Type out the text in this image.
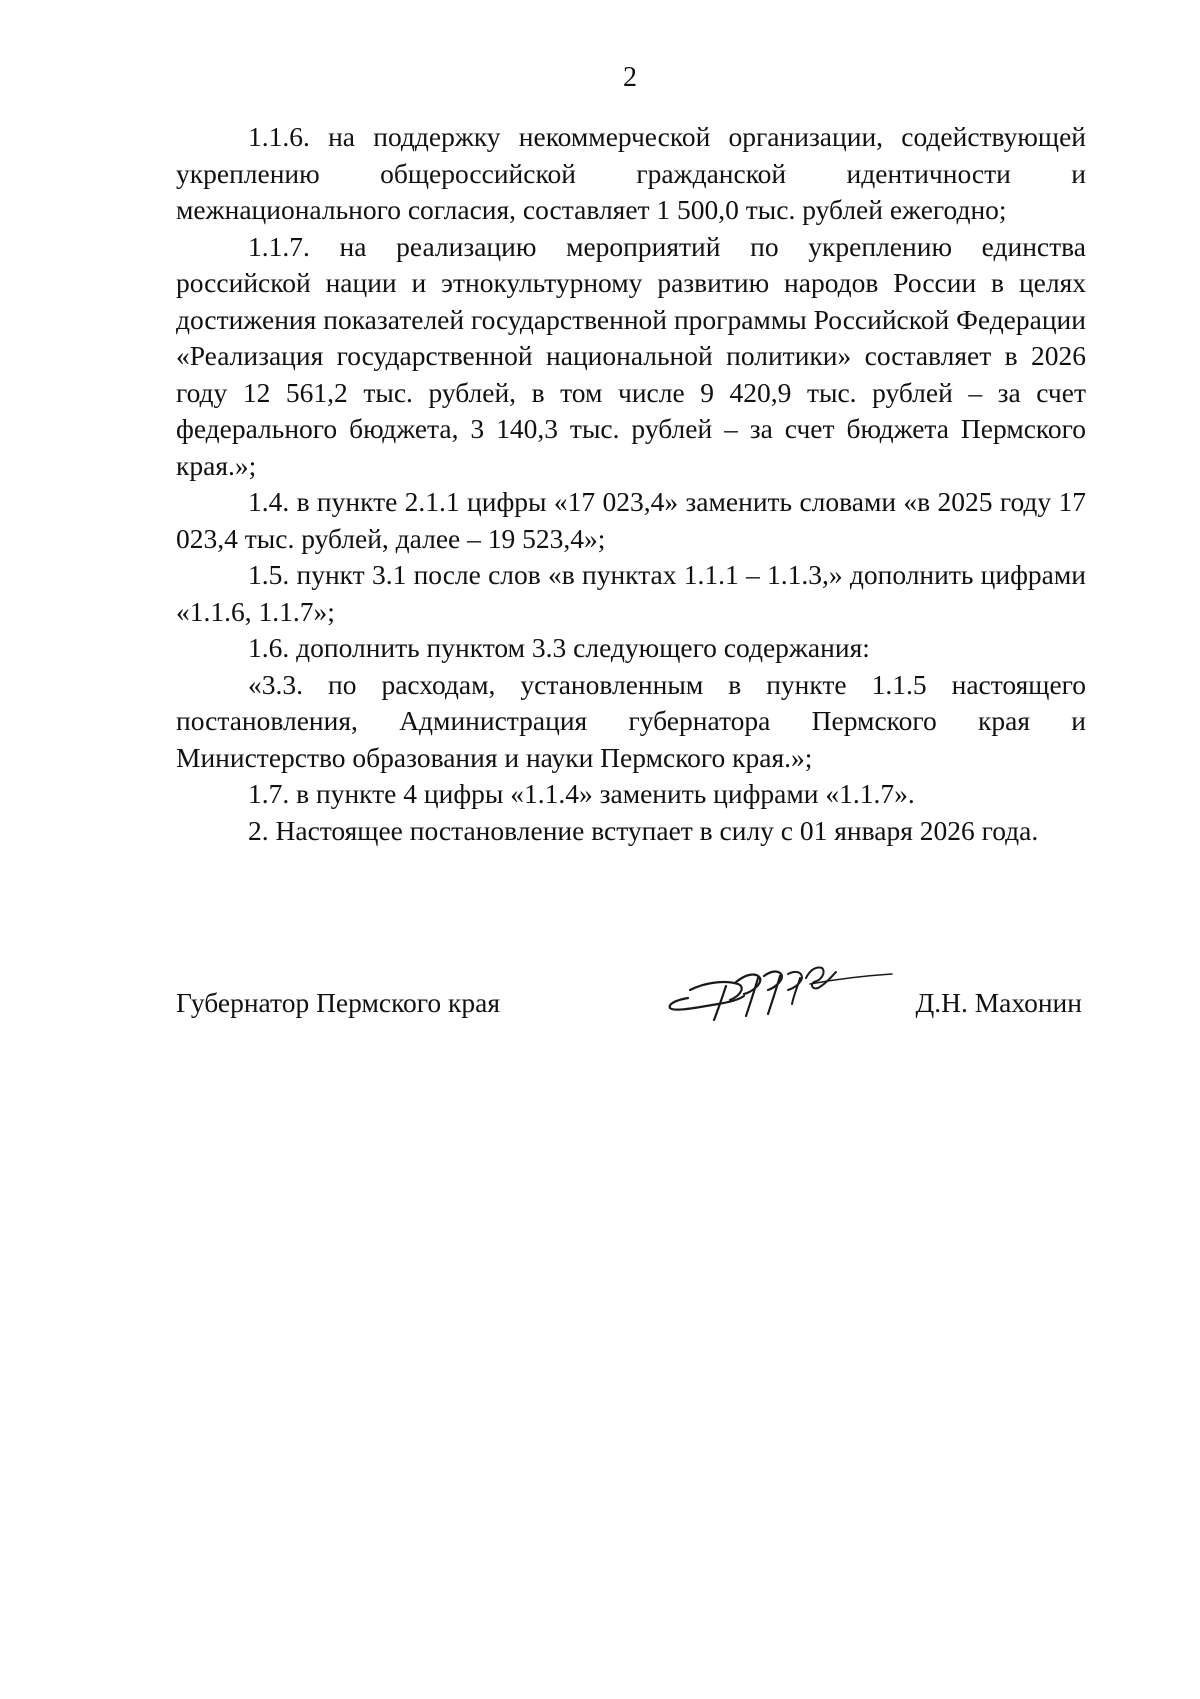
2

1.1.6. на поддержку некоммерческой организации, содействующей укреплению общероссийской гражданской идентичности и межнационального согласия, составляет 1 500,0 тыс. рублей ежегодно;

1.1.7. на реализацию мероприятий по укреплению единства российской нации и этнокультурному развитию народов России в целях достижения показателей государственной программы Российской Федерации «Реализация государственной национальной политики» составляет в 2026 году 12 561,2 тыс. рублей, в том числе 9 420,9 тыс. рублей – за счет федерального бюджета, 3 140,3 тыс. рублей – за счет бюджета Пермского края.»;

1.4. в пункте 2.1.1 цифры «17 023,4» заменить словами «в 2025 году 17 023,4 тыс. рублей, далее – 19 523,4»;

1.5. пункт 3.1 после слов «в пунктах 1.1.1 – 1.1.3,» дополнить цифрами «1.1.6, 1.1.7»;

1.6. дополнить пунктом 3.3 следующего содержания:

«3.3. по расходам, установленным в пункте 1.1.5 настоящего постановления, Администрация губернатора Пермского края и Министерство образования и науки Пермского края.»;

1.7. в пункте 4 цифры «1.1.4» заменить цифрами «1.1.7».

2. Настоящее постановление вступает в силу с 01 января 2026 года.

Губернатор Пермского края	Д.Н. Махонин
